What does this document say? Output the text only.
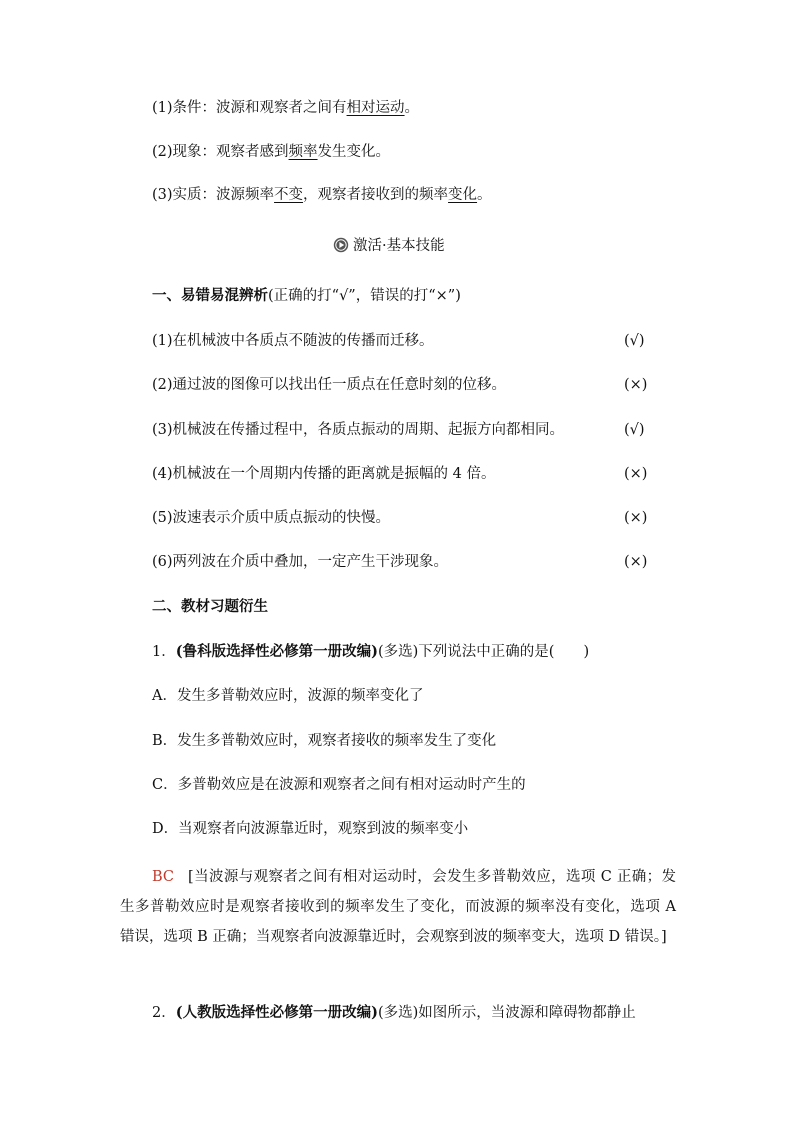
(1)条件：波源和观察者之间有相对运动。
(2)现象：观察者感到频率发生变化。
(3)实质：波源频率不变，观察者接收到的频率变化。
激活·基本技能
一、易错易混辨析(正确的打“√”，错误的打“×”)
(1)在机械波中各质点不随波的传播而迁移。	(√)
(2)通过波的图像可以找出任一质点在任意时刻的位移。	(×)
(3)机械波在传播过程中，各质点振动的周期、起振方向都相同。	(√)
(4)机械波在一个周期内传播的距离就是振幅的 4 倍。	(×)
(5)波速表示介质中质点振动的快慢。	(×)
(6)两列波在介质中叠加，一定产生干涉现象。	(×)
二、教材习题衍生
1．(鲁科版选择性必修第一册改编)(多选)下列说法中正确的是(　　)
A．发生多普勒效应时，波源的频率变化了
B．发生多普勒效应时，观察者接收的频率发生了变化
C．多普勒效应是在波源和观察者之间有相对运动时产生的
D．当观察者向波源靠近时，观察到波的频率变小
BC [当波源与观察者之间有相对运动时，会发生多普勒效应，选项 C 正确；发生多普勒效应时是观察者接收到的频率发生了变化，而波源的频率没有变化，选项 A 错误，选项 B 正确；当观察者向波源靠近时，会观察到波的频率变大，选项 D 错误。]
2．(人教版选择性必修第一册改编)(多选)如图所示，当波源和障碍物都静止
